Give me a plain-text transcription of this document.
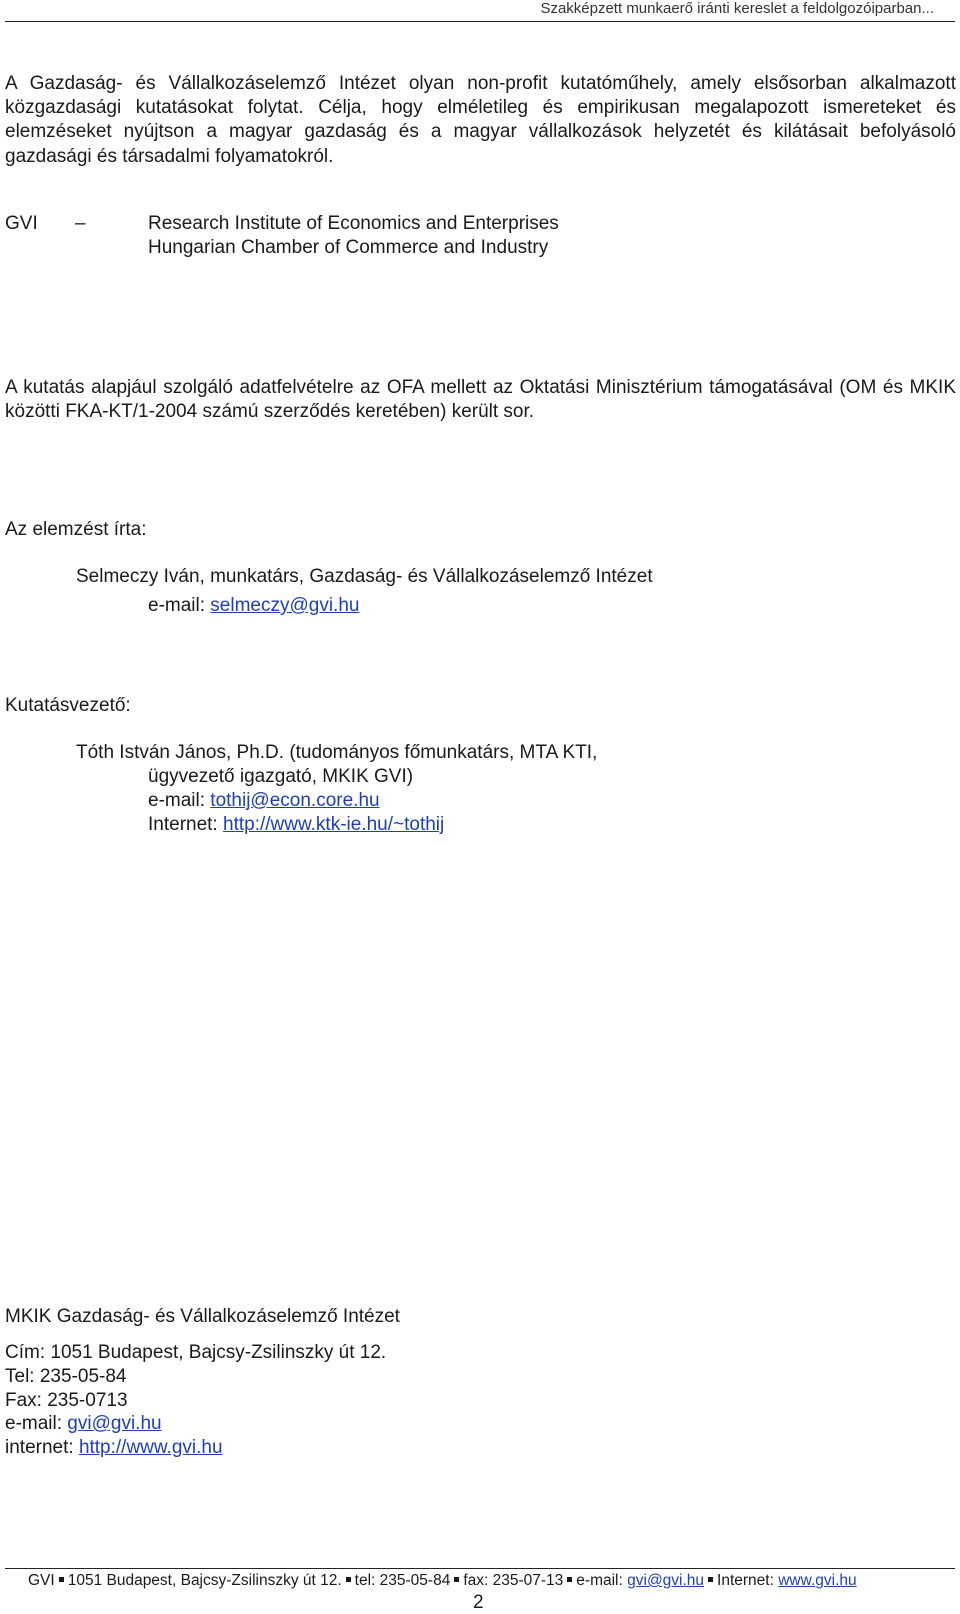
Szakképzett munkaerő iránti kereslet a feldolgozóiparban...
A Gazdaság- és Vállalkozáselemző Intézet olyan non-profit kutatóműhely, amely elsősorban alkalmazott közgazdasági kutatásokat folytat. Célja, hogy elméletileg és empirikusan megalapozott ismereteket és elemzéseket nyújtson a magyar gazdaság és a magyar vállalkozások helyzetét és kilátásait befolyásoló gazdasági és társadalmi folyamatokról.
GVI –	Research Institute of Economics and Enterprises
Hungarian Chamber of Commerce and Industry
A kutatás alapjául szolgáló adatfelvételre az OFA mellett az Oktatási Minisztérium támogatásával (OM és MKIK közötti FKA-KT/1-2004 számú szerződés keretében) került sor.
Az elemzést írta:
Selmeczy Iván, munkatárs, Gazdaság- és Vállalkozáselemző Intézet
e-mail: selmeczy@gvi.hu
Kutatásvezető:
Tóth István János, Ph.D. (tudományos főmunkatárs, MTA KTI,
ügyvezető igazgató, MKIK GVI)
e-mail: tothij@econ.core.hu
Internet: http://www.ktk-ie.hu/~tothij
MKIK Gazdaság- és Vállalkozáselemző Intézet
Cím: 1051 Budapest, Bajcsy-Zsilinszky út 12.
Tel: 235-05-84
Fax: 235-0713
e-mail: gvi@gvi.hu
internet: http://www.gvi.hu
GVI 1051 Budapest, Bajcsy-Zsilinszky út 12. tel: 235-05-84 fax: 235-07-13 e-mail: gvi@gvi.hu Internet: www.gvi.hu
2
